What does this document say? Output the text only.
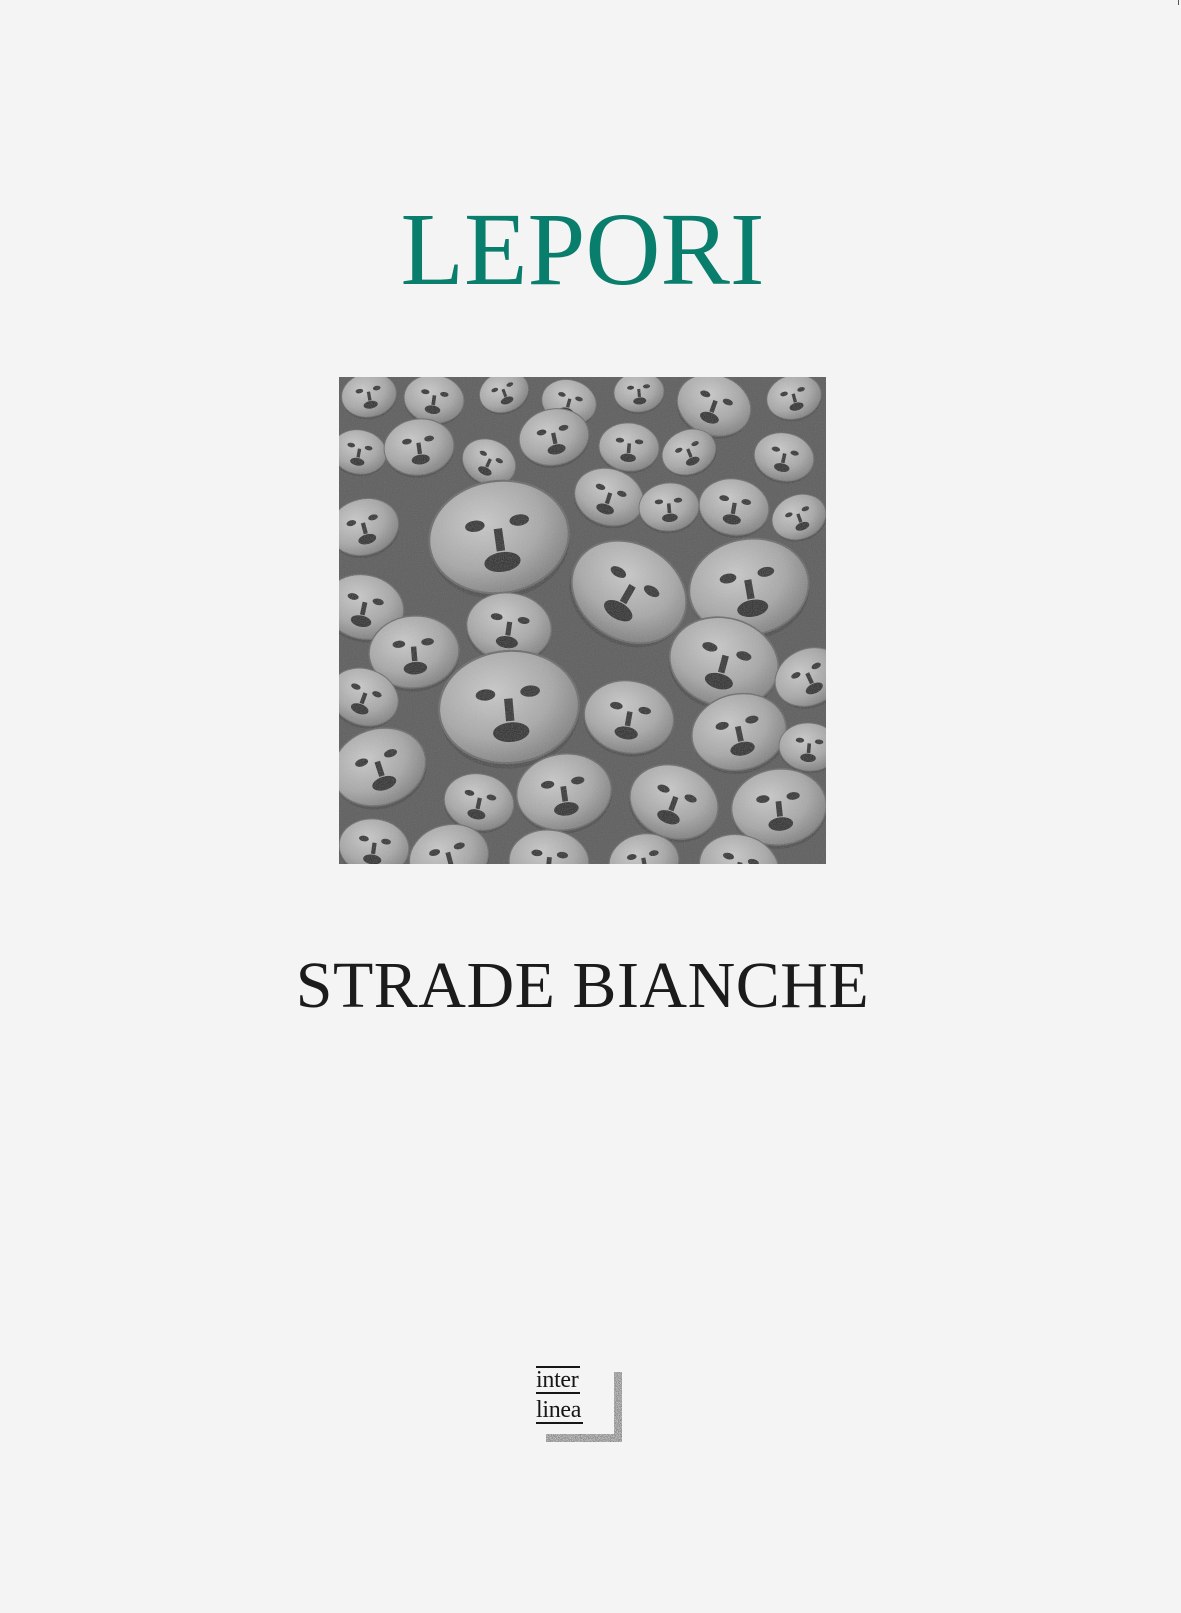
LEPORI
STRADE BIANCHE
inter
linea
